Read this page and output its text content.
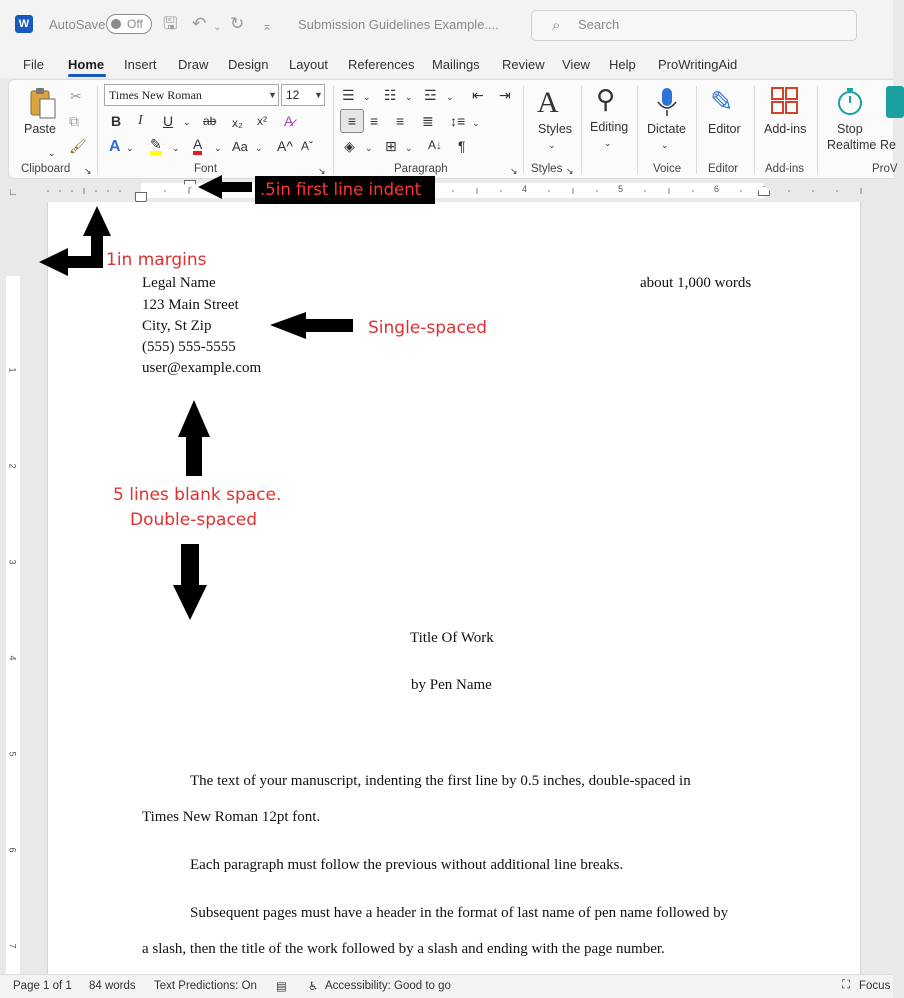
W AutoSave Off 🖫 ↶ ⌄ ↻ ⌅ Submission Guidelines Example....	⌕
Search
File Home Insert Draw Design Layout References Mailings Review View Help ProWritingAid
Paste
⌄
✂
⧉
🖌
Clipboard ↘
Times New Roman	▼ 12	▼
B I U ⌄ ab x₂ x² A̷
A ⌄ ✎ ⌄ A ⌄ Aa ⌄ A^ Aˇ
Font	↘
☰ ⌄ ☷ ⌄ ☲ ⌄ ⇤ ⇥
≡ ≡ ≡ ≣ ↕≡ ⌄
◈ ⌄ ⊞ ⌄ A↓ ¶
Paragraph	↘
A
Styles
⌄
Styles ↘
⚲
Editing
⌄
Dictate
⌄
Voice
✎
Editor
Editor
Add-ins
Add-ins
Stop
Realtime Re
ProV
∟	4	5	6
1
2
3
4
5
6
7
Legal Name	about 1,000 words
123 Main Street
City, St Zip
(555) 555-5555
user@example.com
Title Of Work
by Pen Name
The text of your manuscript, indenting the first line by 0.5 inches, double-spaced in
Times New Roman 12pt font.
Each paragraph must follow the previous without additional line breaks.
Subsequent pages must have a header in the format of last name of pen name followed by
a slash, then the title of the work followed by a slash and ending with the page number.
.5in first line indent
1in margins
Single-spaced
5 lines blank space.
Double-spaced
Page 1 of 1 84 words Text Predictions: On ▤ ♿ Accessibility: Good to go	⛶ Focus
